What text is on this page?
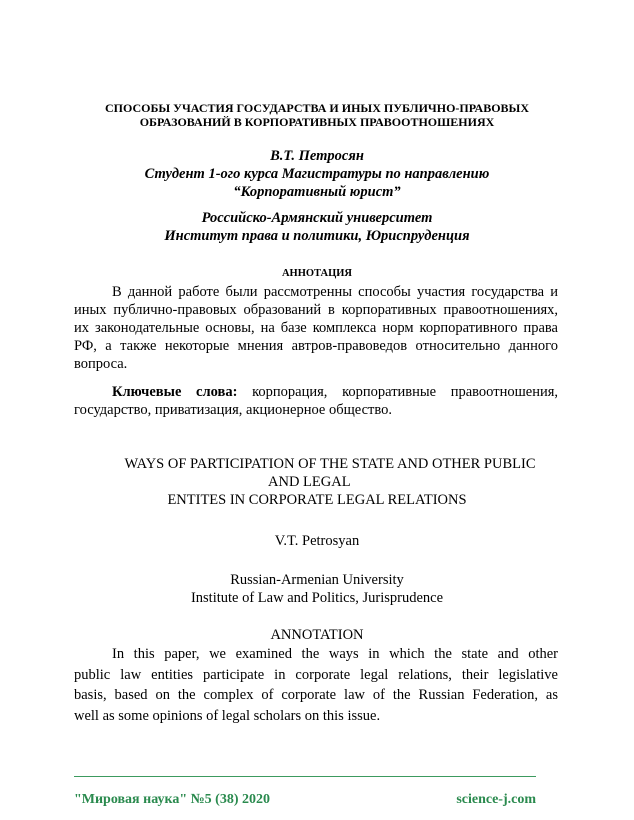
СПОСОБЫ УЧАСТИЯ ГОСУДАРСТВА И ИНЫХ ПУБЛИЧНО-ПРАВОВЫХ
ОБРАЗОВАНИЙ В КОРПОРАТИВНЫХ ПРАВООТНОШЕНИЯХ
В.Т. Петросян
Студент 1-ого курса Магистратуры по направлению
“Корпоративный юрист”
Российско-Армянский университет
Институт права и политики, Юриспруденция
АННОТАЦИЯ
В данной работе были рассмотренны способы участия государства и
иных публично-правовых образований в корпоративных правоотношениях,
их законодательные основы, на базе комплекса норм корпоративного права
РФ, а также некоторые мнения автров-правоведов относительно данного
вопроса.
Ключевые слова: корпорация, корпоративные правоотношения,
государство, приватизация, акционерное общество.
WAYS OF PARTICIPATION OF THE STATE AND OTHER PUBLIC
AND LEGAL
ENTITES IN CORPORATE LEGAL RELATIONS
V.T. Petrosyan
Russian-Armenian University
Institute of Law and Politics, Jurisprudence
ANNOTATION
In this paper, we examined the ways in which the state and other
public law entities participate in corporate legal relations, their legislative
basis, based on the complex of corporate law of the Russian Federation, as
well as some opinions of legal scholars on this issue.
"Мировая наука" №5 (38) 2020	science-j.com
